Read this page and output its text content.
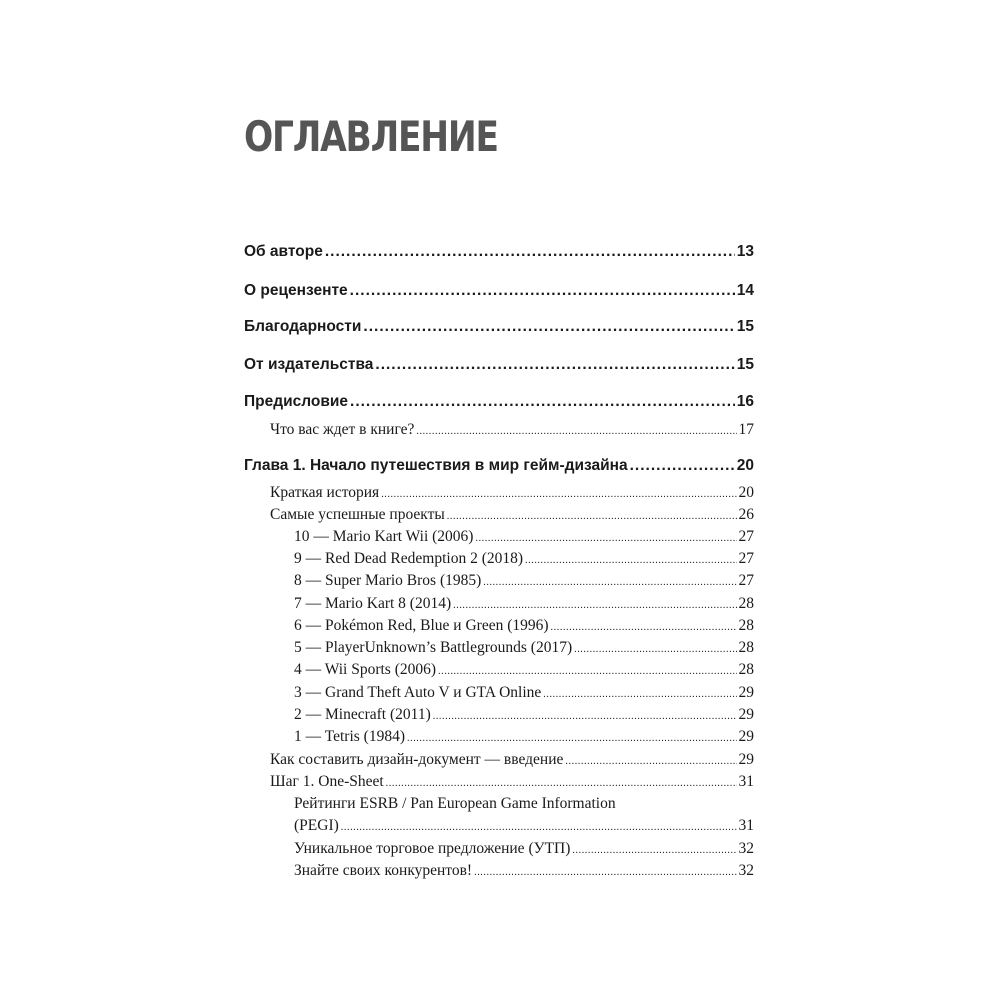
ОГЛАВЛЕНИЕ
Об авторе .....	13
О рецензенте .....	14
Благодарности .....	15
От издательства .....	15
Предисловие .....	16
Что вас ждет в книге? .....	17
Глава 1. Начало путешествия в мир гейм-дизайна .....	20
Краткая история .....	20
Самые успешные проекты .....	26
10 — Mario Kart Wii (2006) .....	27
9 — Red Dead Redemption 2 (2018) .....	27
8 — Super Mario Bros (1985) .....	27
7 — Mario Kart 8 (2014) .....	28
6 — Pokémon Red, Blue и Green (1996) .....	28
5 — PlayerUnknown’s Battlegrounds (2017) .....	28
4 — Wii Sports (2006) .....	28
3 — Grand Theft Auto V и GTA Online .....	29
2 — Minecraft (2011) .....	29
1 — Tetris (1984) .....	29
Как составить дизайн-документ — введение .....	29
Шаг 1. One-Sheet .....	31
Рейтинги ESRB / Pan European Game Information
(PEGI) .....	31
Уникальное торговое предложение (УТП) .....	32
Знайте своих конкурентов! .....	32
